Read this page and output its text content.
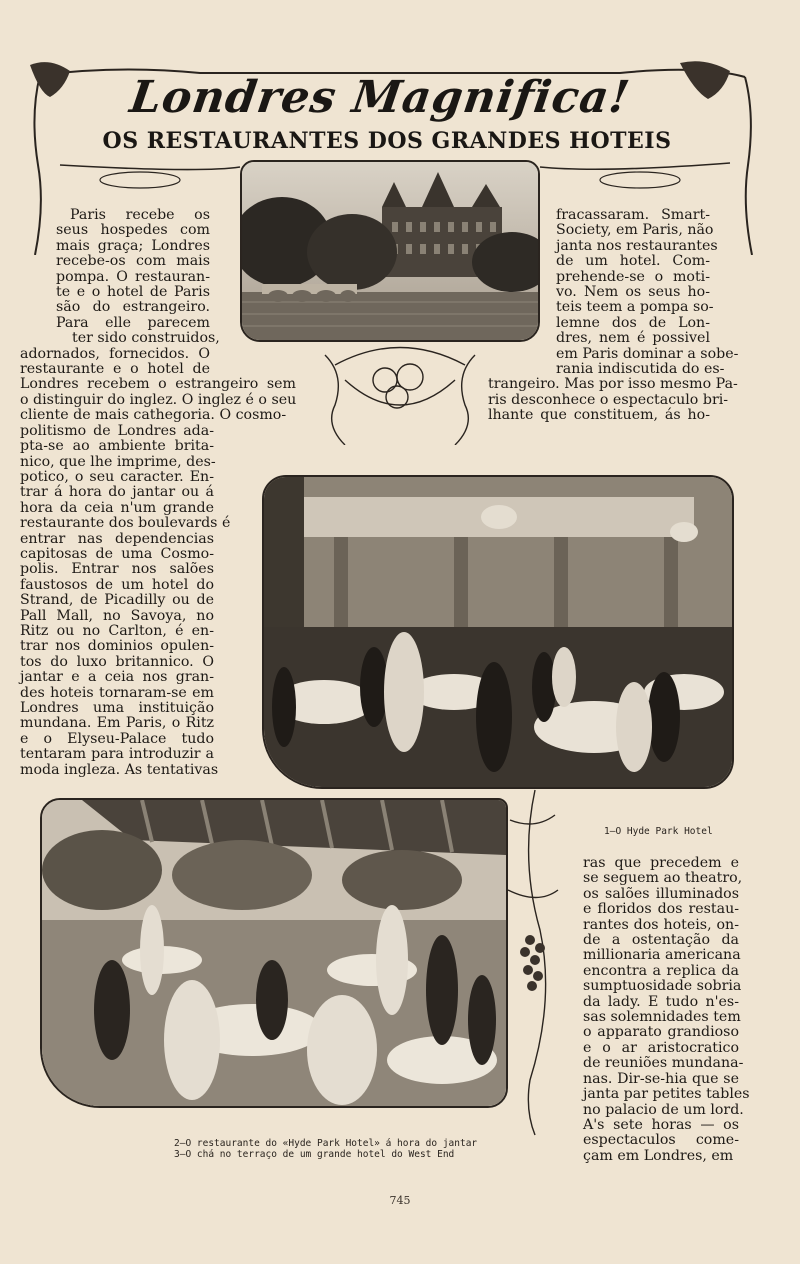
Londres Magnifica!
OS RESTAURANTES DOS GRANDES HOTEIS
Paris recebe os
seus hospedes com
mais graça; Londres
recebe-os com mais
pompa. O restauran-
te e o hotel de Paris
são do estrangeiro.
Para elle parecem
ter sido construidos,
adornados, fornecidos. O
restaurante e o hotel de
Londres recebem o estrangeiro sem
o distinguir do inglez. O inglez é o seu
cliente de mais cathegoria. O cosmo-
politismo de Londres ada-
pta-se ao ambiente brita-
nico, que lhe imprime, des-
potico, o seu caracter. En-
trar á hora do jantar ou á
hora da ceia n'um grande
restaurante dos boulevards é
entrar nas dependencias
capitosas de uma Cosmo-
polis. Entrar nos salões
faustosos de um hotel do
Strand, de Picadilly ou de
Pall Mall, no Savoya, no
Ritz ou no Carlton, é en-
trar nos dominios opulen-
tos do luxo britannico. O
jantar e a ceia nos gran-
des hoteis tornaram-se em
Londres uma instituição
mundana. Em Paris, o Ritz
e o Elyseu-Palace tudo
tentaram para introduzir a
moda ingleza. As tentativas
fracassaram. Smart-
Society, em Paris, não
janta nos restaurantes
de um hotel. Com-
prehende-se o moti-
vo. Nem os seus ho-
teis teem a pompa so-
lemne dos de Lon-
dres, nem é possivel
em Paris dominar a sobe-
rania indiscutida do es-
trangeiro. Mas por isso mesmo Pa-
ris desconhece o espectaculo bri-
lhante que constituem, ás ho-
ras que precedem e
se seguem ao theatro,
os salões illuminados
e floridos dos restau-
rantes dos hoteis, on-
de a ostentação da
millionaria americana
encontra a replica da
sumptuosidade sobria
da lady. E tudo n'es-
sas solemnidades tem
o apparato grandioso
e o ar aristocratico
de reuniões mundana-
nas. Dir-se-hia que se
janta par petites tables
no palacio de um lord.
A's sete horas — os
espectaculos come-
çam em Londres, em
1—O Hyde Park Hotel
2—O restaurante do «Hyde Park Hotel» á hora do jantar
3—O chá no terraço de um grande hotel do West End
745
